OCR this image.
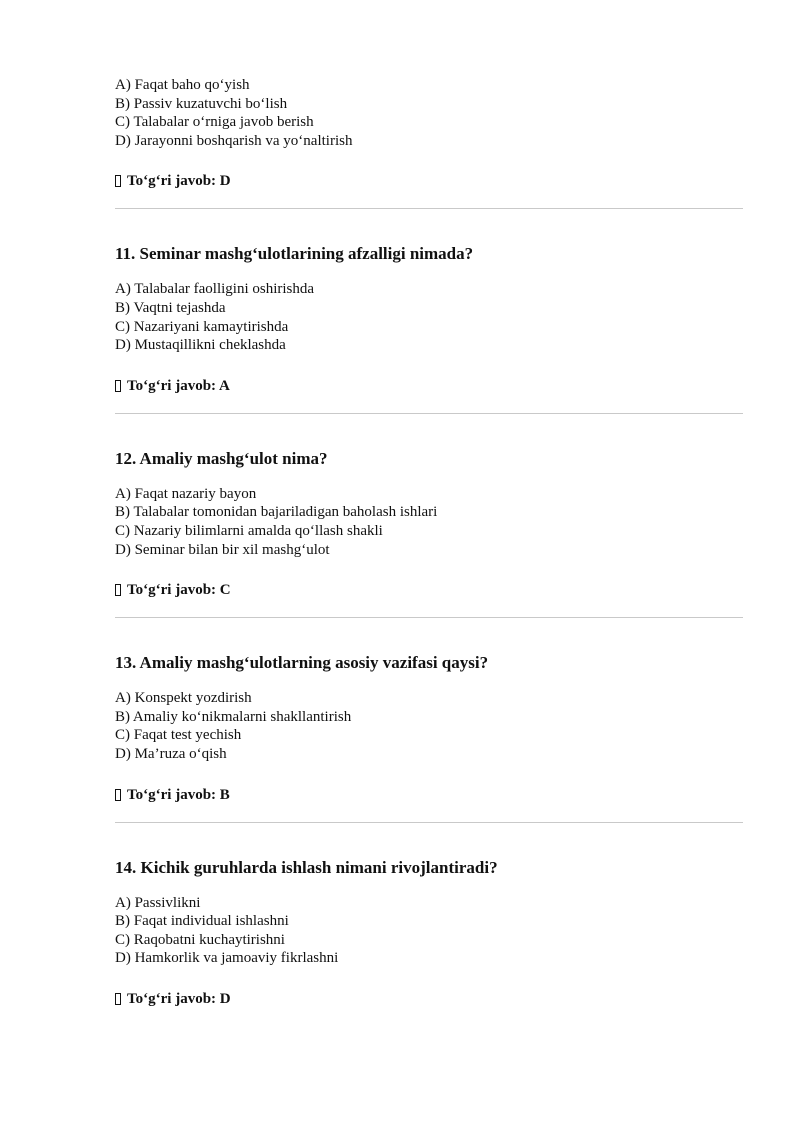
A) Faqat baho qo‘yish
B) Passiv kuzatuvchi bo‘lish
C) Talabalar o‘rniga javob berish
D) Jarayonni boshqarish va yo‘naltirish
To‘g‘ri javob: D
11. Seminar mashg‘ulotlarining afzalligi nimada?
A) Talabalar faolligini oshirishda
B) Vaqtni tejashda
C) Nazariyani kamaytirishda
D) Mustaqillikni cheklashda
To‘g‘ri javob: A
12. Amaliy mashg‘ulot nima?
A) Faqat nazariy bayon
B) Talabalar tomonidan bajariladigan baholash ishlari
C) Nazariy bilimlarni amalda qo‘llash shakli
D) Seminar bilan bir xil mashg‘ulot
To‘g‘ri javob: C
13. Amaliy mashg‘ulotlarning asosiy vazifasi qaysi?
A) Konspekt yozdirish
B) Amaliy ko‘nikmalarni shakllantirish
C) Faqat test yechish
D) Ma’ruza o‘qish
To‘g‘ri javob: B
14. Kichik guruhlarda ishlash nimani rivojlantiradi?
A) Passivlikni
B) Faqat individual ishlashni
C) Raqobatni kuchaytirishni
D) Hamkorlik va jamoaviy fikrlashni
To‘g‘ri javob: D
